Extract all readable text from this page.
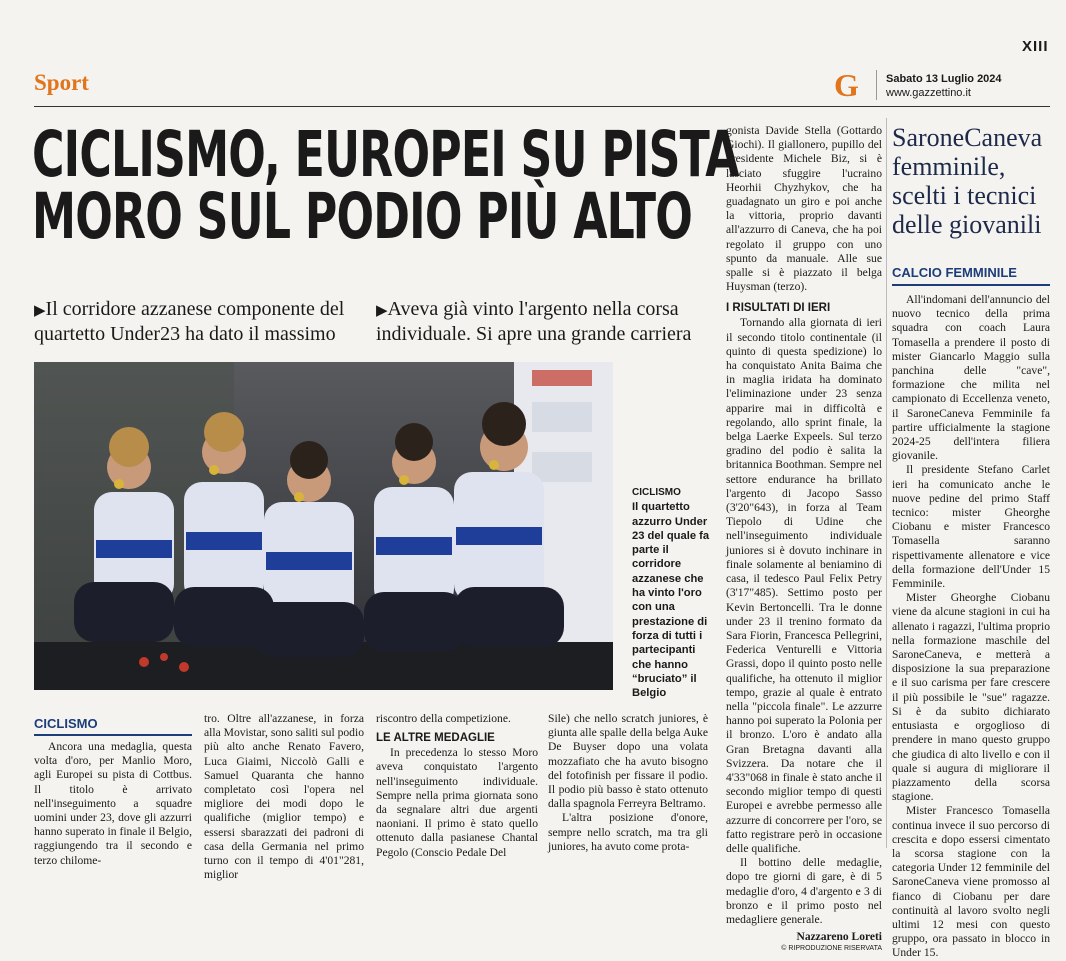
XIII
Sport	G	Sabato 13 Luglio 2024
www.gazzettino.it
CICLISMO, EUROPEI SU PISTA
MORO SUL PODIO PIÙ ALTO
▶Il corridore azzanese componente del quartetto Under23 ha dato il massimo
▶Aveva già vinto l'argento nella corsa individuale. Si apre una grande carriera
CICLISMO
Il quartetto azzurro Under 23 del quale fa parte il corridore azzanese che ha vinto l'oro con una prestazione di forza di tutti i partecipanti che hanno “bruciato” il Belgio
CICLISMO

Ancora una medaglia, questa volta d'oro, per Manlio Moro, agli Europei su pista di Cottbus. Il titolo è arrivato nell'inseguimento a squadre uomini under 23, dove gli azzurri hanno superato in finale il Belgio, raggiungendo tra il secondo e terzo chilome-

tro. Oltre all'azzanese, in forza alla Movistar, sono saliti sul podio più alto anche Renato Favero, Luca Giaimi, Niccolò Galli e Samuel Quaranta che hanno completato così l'opera nel migliore dei modi dopo le qualifiche (miglior tempo) e essersi sbarazzati dei padroni di casa della Germania nel primo turno con il tempo di 4'01"281, miglior

riscontro della competizione.

LE ALTRE MEDAGLIE

In precedenza lo stesso Moro aveva conquistato l'argento nell'inseguimento individuale. Sempre nella prima giornata sono da segnalare altri due argenti naoniani. Il primo è stato quello ottenuto dalla pasianese Chantal Pegolo (Conscio Pedale Del

Sile) che nello scratch juniores, è giunta alle spalle della belga Auke De Buyser dopo una volata mozzafiato che ha avuto bisogno del fotofinish per fissare il podio. Il podio più basso è stato ottenuto dalla spagnola Ferreyra Beltramo.

L'altra posizione d'onore, sempre nello scratch, ma tra gli juniores, ha avuto come prota-

gonista Davide Stella (Gottardo Giochi). Il giallonero, pupillo del presidente Michele Biz, si è lasciato sfuggire l'ucraino Heorhii Chyzhykov, che ha guadagnato un giro e poi anche la vittoria, proprio davanti all'azzurro di Caneva, che ha poi regolato il gruppo con uno spunto da manuale. Alle sue spalle si è piazzato il belga Huysman (terzo).

I RISULTATI DI IERI

Tornando alla giornata di ieri il secondo titolo continentale (il quinto di questa spedizione) lo ha conquistato Anita Baima che in maglia iridata ha dominato l'eliminazione under 23 senza apparire mai in difficoltà e regolando, allo sprint finale, la belga Laerke Expeels. Sul terzo gradino del podio è salita la britannica Boothman. Sempre nel settore endurance ha brillato l'argento di Jacopo Sasso (3'20"643), in forza al Team Tiepolo di Udine che nell'inseguimento individuale juniores si è dovuto inchinare in finale solamente al beniamino di casa, il tedesco Paul Felix Petry (3'17"485). Settimo posto per Kevin Bertoncelli. Tra le donne under 23 il trenino formato da Sara Fiorin, Francesca Pellegrini, Federica Venturelli e Vittoria Grassi, dopo il quinto posto nelle qualifiche, ha ottenuto il miglior tempo, grazie al quale è entrato nella "piccola finale". Le azzurre hanno poi superato la Polonia per il bronzo. L'oro è andato alla Gran Bretagna davanti alla Svizzera. Da notare che il 4'33"068 in finale è stato anche il secondo miglior tempo di questi Europei e avrebbe permesso alle azzurre di concorrere per l'oro, se fatto registrare però in occasione delle qualifiche.

Il bottino delle medaglie, dopo tre giorni di gare, è di 5 medaglie d'oro, 4 d'argento e 3 di bronzo e il primo posto nel medagliere generale.

Nazzareno Loreti
© RIPRODUZIONE RISERVATA
SaroneCaneva femminile, scelti i tecnici delle giovanili
CALCIO FEMMINILE

All'indomani dell'annuncio del nuovo tecnico della prima squadra con coach Laura Tomasella a prendere il posto di mister Giancarlo Maggio sulla panchina delle "cave", formazione che milita nel campionato di Eccellenza veneto, il SaroneCaneva Femminile fa partire ufficialmente la stagione 2024-25 dell'intera filiera giovanile.

Il presidente Stefano Carlet ieri ha comunicato anche le nuove pedine del primo Staff tecnico: mister Gheorghe Ciobanu e mister Francesco Tomasella saranno rispettivamente allenatore e vice della formazione dell'Under 15 Femminile.

Mister Gheorghe Ciobanu viene da alcune stagioni in cui ha allenato i ragazzi, l'ultima proprio nella formazione maschile del SaroneCaneva, e metterà a disposizione la sua preparazione e il suo carisma per fare crescere il più possibile le "sue" ragazze. Si è da subito dichiarato entusiasta e orgoglioso di prendere in mano questo gruppo che giudica di alto livello e con il quale si augura di migliorare il piazzamento della scorsa stagione.

Mister Francesco Tomasella continua invece il suo percorso di crescita e dopo essersi cimentato la scorsa stagione con la categoria Under 12 femminile del SaroneCaneva viene promosso al fianco di Ciobanu per dare continuità al lavoro svolto negli ultimi 12 mesi con questo gruppo, ora passato in blocco in Under 15.
